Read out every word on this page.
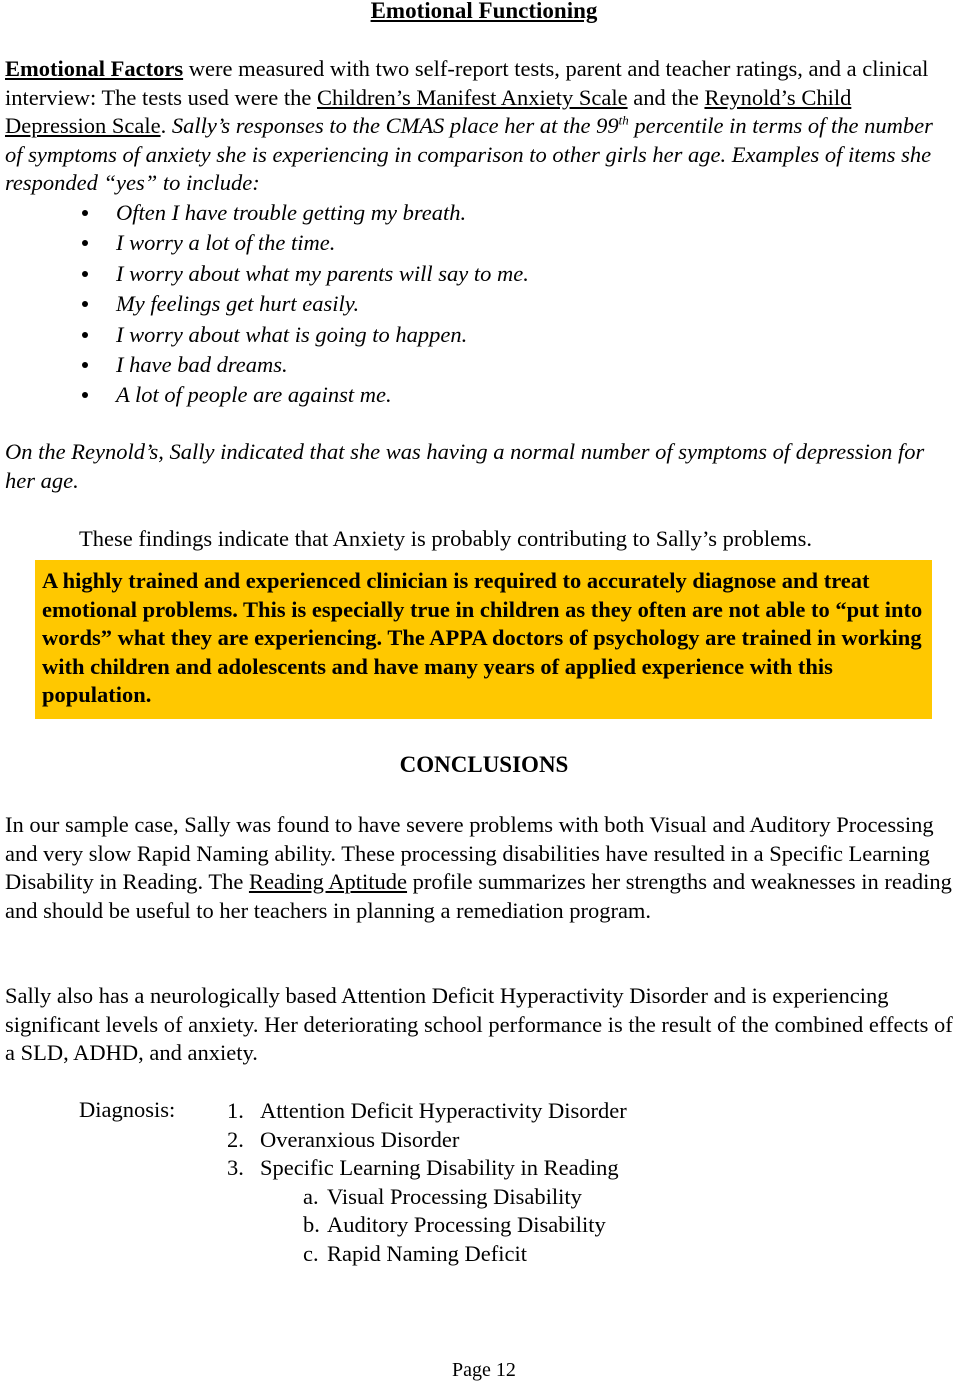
Emotional Functioning

Emotional Factors were measured with two self-report tests, parent and teacher ratings, and a clinical interview: The tests used were the Children’s Manifest Anxiety Scale and the Reynold’s Child Depression Scale. Sally’s responses to the CMAS place her at the 99th percentile in terms of the number of symptoms of anxiety she is experiencing in comparison to other girls her age. Examples of items she responded “yes” to include:

Often I have trouble getting my breath.
I worry a lot of the time.
I worry about what my parents will say to me.
My feelings get hurt easily.
I worry about what is going to happen.
I have bad dreams.
A lot of people are against me.

On the Reynold’s, Sally indicated that she was having a normal number of symptoms of depression for her age.

These findings indicate that Anxiety is probably contributing to Sally’s problems.

A highly trained and experienced clinician is required to accurately diagnose and treat emotional problems. This is especially true in children as they often are not able to “put into words” what they are experiencing. The APPA doctors of psychology are trained in working with children and adolescents and have many years of applied experience with this population.
CONCLUSIONS

In our sample case, Sally was found to have severe problems with both Visual and Auditory Processing and very slow Rapid Naming ability. These processing disabilities have resulted in a Specific Learning Disability in Reading. The Reading Aptitude profile summarizes her strengths and weaknesses in reading and should be useful to her teachers in planning a remediation program.

Sally also has a neurologically based Attention Deficit Hyperactivity Disorder and is experiencing significant levels of anxiety. Her deteriorating school performance is the result of the combined effects of a SLD, ADHD, and anxiety.

Diagnosis: 1. Attention Deficit Hyperactivity Disorder
2. Overanxious Disorder
3. Specific Learning Disability in Reading
a. Visual Processing Disability
b. Auditory Processing Disability
c. Rapid Naming Deficit
Page 12
